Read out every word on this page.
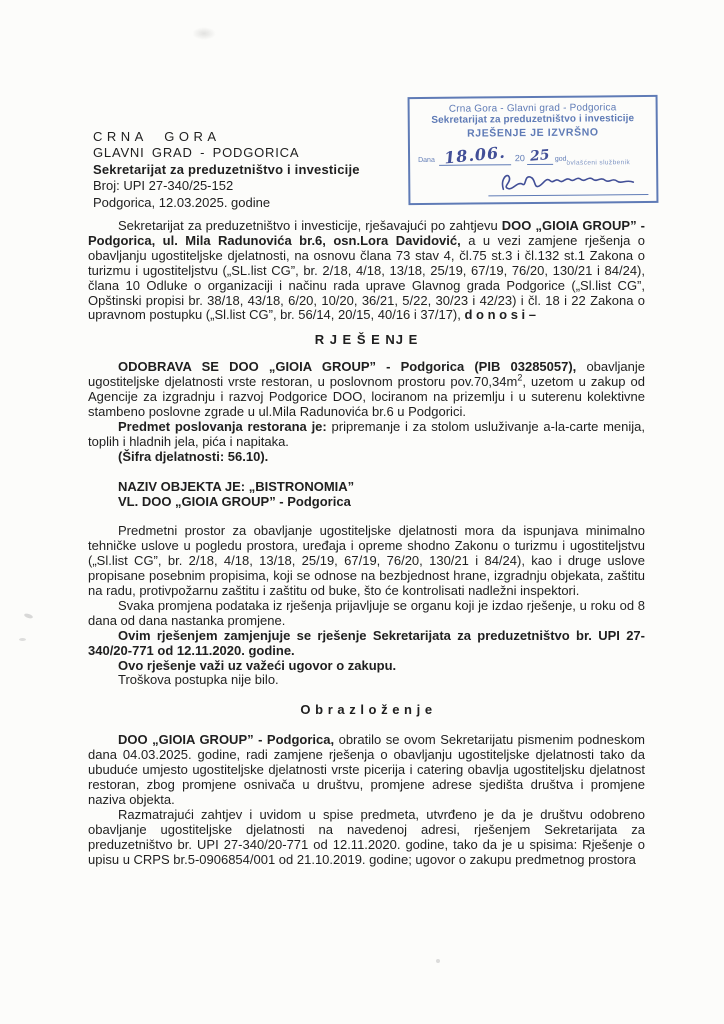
CRNA GORA
GLAVNI GRAD - PODGORICA
Sekretarijat za preduzetništvo i investicije
Broj: UPI 27-340/25-152
Podgorica, 12.03.2025. godine
Crna Gora - Glavni grad - Podgorica
Sekretarijat za preduzetništvo i investicije
RJEŠENJE JE IZVRŠNO
Dana 18.06. 20 25 god.
ovlašćeni službenik

Sekretarijat za preduzetništvo i investicije, rješavajući po zahtjevu DOO „GIOIA GROUP” - Podgorica, ul. Mila Radunovića br.6, osn.Lora Davidović, a u vezi zamjene rješenja o obavljanju ugostiteljske djelatnosti, na osnovu člana 73 stav 4, čl.75 st.3 i čl.132 st.1 Zakona o turizmu i ugostiteljstvu („SL.list CG”, br. 2/18, 4/18, 13/18, 25/19, 67/19, 76/20, 130/21 i 84/24), člana 10 Odluke o organizaciji i načinu rada uprave Glavnog grada Podgorice („Sl.list CG”, Opštinski propisi br. 38/18, 43/18, 6/20, 10/20, 36/21, 5/22, 30/23 i 42/23) i čl. 18 i 22 Zakona o upravnom postupku („Sl.list CG”, br. 56/14, 20/15, 40/16 i 37/17), d o n o s i –

R J E Š E NJ E

ODOBRAVA SE DOO „GIOIA GROUP” - Podgorica (PIB 03285057), obavljanje ugostiteljske djelatnosti vrste restoran, u poslovnom prostoru $pov.70,34m^2$, uzetom u zakup od Agencije za izgradnju i razvoj Podgorice DOO, lociranom na prizemlju i u suterenu kolektivne stambeno poslovne zgrade u ul.Mila Radunovića br.6 u Podgorici.

Predmet poslovanja restorana je: pripremanje i za stolom usluživanje a-la-carte menija, toplih i hladnih jela, pića i napitaka.

(Šifra djelatnosti: 56.10).

NAZIV OBJEKTA JE: „BISTRONOMIA”

VL. DOO „GIOIA GROUP” - Podgorica

Predmetni prostor za obavljanje ugostiteljske djelatnosti mora da ispunjava minimalno tehničke uslove u pogledu prostora, uređaja i opreme shodno Zakonu o turizmu i ugostiteljstvu („Sl.list CG”, br. 2/18, 4/18, 13/18, 25/19, 67/19, 76/20, 130/21 i 84/24), kao i druge uslove propisane posebnim propisima, koji se odnose na bezbjednost hrane, izgradnju objekata, zaštitu na radu, protivpožarnu zaštitu i zaštitu od buke, što će kontrolisati nadležni inspektori.

Svaka promjena podataka iz rješenja prijavljuje se organu koji je izdao rješenje, u roku od 8 dana od dana nastanka promjene.

Ovim rješenjem zamjenjuje se rješenje Sekretarijata za preduzetništvo br. UPI 27-340/20-771 od 12.11.2020. godine.

Ovo rješenje važi uz važeći ugovor o zakupu.

Troškova postupka nije bilo.

O b r a z l o ž e n j e

DOO „GIOIA GROUP” - Podgorica, obratilo se ovom Sekretarijatu pismenim podneskom dana 04.03.2025. godine, radi zamjene rješenja o obavljanju ugostiteljske djelatnosti tako da ubuduće umjesto ugostiteljske djelatnosti vrste picerija i catering obavlja ugostiteljsku djelatnost restoran, zbog promjene osnivača u društvu, promjene adrese sjedišta društva i promjene naziva objekta.

Razmatrajući zahtjev i uvidom u spise predmeta, utvrđeno je da je društvu odobreno obavljanje ugostiteljske djelatnosti na navedenoj adresi, rješenjem Sekretarijata za preduzetništvo br. UPI 27-340/20-771 od 12.11.2020. godine, tako da je u spisima: Rješenje o upisu u CRPS br.5-0906854/001 od 21.10.2019. godine; ugovor o zakupu predmetnog prostora
